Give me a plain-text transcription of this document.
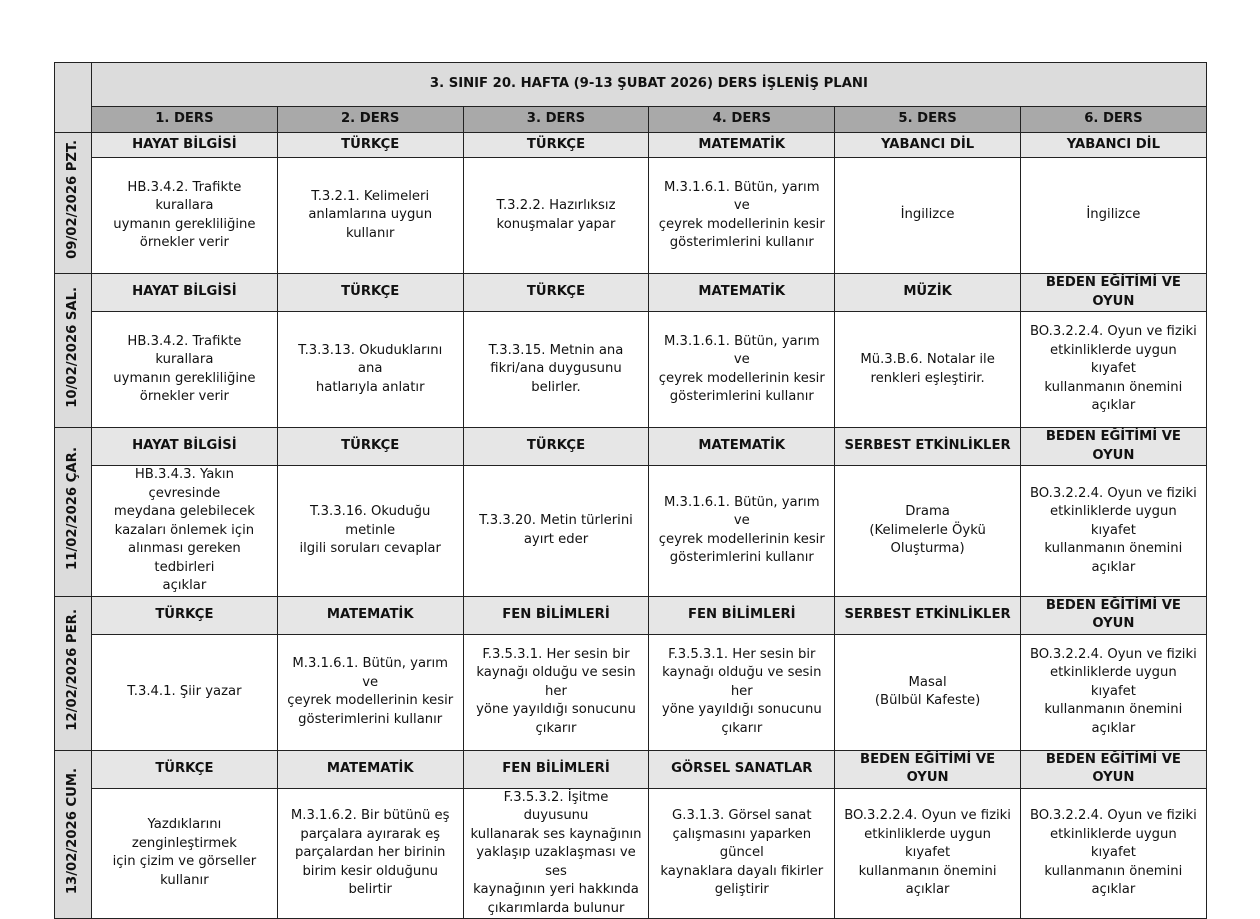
	3. SINIF 20. HAFTA (9-13 ŞUBAT 2026) DERS İŞLENİŞ PLANI					
	1. DERS	2. DERS	3. DERS	4. DERS	5. DERS	6. DERS
09/02/2026 PZT.	HAYAT BİLGİSİ	TÜRKÇE	TÜRKÇE	MATEMATİK	YABANCI DİL	YABANCI DİL
	HB.3.4.2. Trafikte kurallara
uymanın gerekliliğine
örnekler verir	T.3.2.1. Kelimeleri
anlamlarına uygun kullanır	T.3.2.2. Hazırlıksız
konuşmalar yapar	M.3.1.6.1. Bütün, yarım ve
çeyrek modellerinin kesir
gösterimlerini kullanır	İngilizce	İngilizce
10/02/2026 SAL.	HAYAT BİLGİSİ	TÜRKÇE	TÜRKÇE	MATEMATİK	MÜZİK	BEDEN EĞİTİMİ VE OYUN
	HB.3.4.2. Trafikte kurallara
uymanın gerekliliğine
örnekler verir	T.3.3.13. Okuduklarını ana
hatlarıyla anlatır	T.3.3.15. Metnin ana
fikri/ana duygusunu
belirler.	M.3.1.6.1. Bütün, yarım ve
çeyrek modellerinin kesir
gösterimlerini kullanır	Mü.3.B.6. Notalar ile
renkleri eşleştirir.	BO.3.2.2.4. Oyun ve fiziki
etkinliklerde uygun kıyafet
kullanmanın önemini
açıklar
11/02/2026 ÇAR.	HAYAT BİLGİSİ	TÜRKÇE	TÜRKÇE	MATEMATİK	SERBEST ETKİNLİKLER	BEDEN EĞİTİMİ VE OYUN
	HB.3.4.3. Yakın çevresinde
meydana gelebilecek
kazaları önlemek için
alınması gereken tedbirleri
açıklar	T.3.3.16. Okuduğu metinle
ilgili soruları cevaplar	T.3.3.20. Metin türlerini
ayırt eder	M.3.1.6.1. Bütün, yarım ve
çeyrek modellerinin kesir
gösterimlerini kullanır	Drama
(Kelimelerle Öykü
Oluşturma)	BO.3.2.2.4. Oyun ve fiziki
etkinliklerde uygun kıyafet
kullanmanın önemini
açıklar
12/02/2026 PER.	TÜRKÇE	MATEMATİK	FEN BİLİMLERİ	FEN BİLİMLERİ	SERBEST ETKİNLİKLER	BEDEN EĞİTİMİ VE OYUN
	T.3.4.1. Şiir yazar	M.3.1.6.1. Bütün, yarım ve
çeyrek modellerinin kesir
gösterimlerini kullanır	F.3.5.3.1. Her sesin bir
kaynağı olduğu ve sesin her
yöne yayıldığı sonucunu
çıkarır	F.3.5.3.1. Her sesin bir
kaynağı olduğu ve sesin her
yöne yayıldığı sonucunu
çıkarır	Masal
(Bülbül Kafeste)	BO.3.2.2.4. Oyun ve fiziki
etkinliklerde uygun kıyafet
kullanmanın önemini
açıklar
13/02/2026 CUM.	TÜRKÇE	MATEMATİK	FEN BİLİMLERİ	GÖRSEL SANATLAR	BEDEN EĞİTİMİ VE OYUN	BEDEN EĞİTİMİ VE OYUN
	Yazdıklarını zenginleştirmek
için çizim ve görseller
kullanır	M.3.1.6.2. Bir bütünü eş
parçalara ayırarak eş
parçalardan her birinin
birim kesir olduğunu belirtir	F.3.5.3.2. İşitme duyusunu
kullanarak ses kaynağının
yaklaşıp uzaklaşması ve ses
kaynağının yeri hakkında
çıkarımlarda bulunur	G.3.1.3. Görsel sanat
çalışmasını yaparken güncel
kaynaklara dayalı fikirler
geliştirir	BO.3.2.2.4. Oyun ve fiziki
etkinliklerde uygun kıyafet
kullanmanın önemini
açıklar	BO.3.2.2.4. Oyun ve fiziki
etkinliklerde uygun kıyafet
kullanmanın önemini
açıklar
